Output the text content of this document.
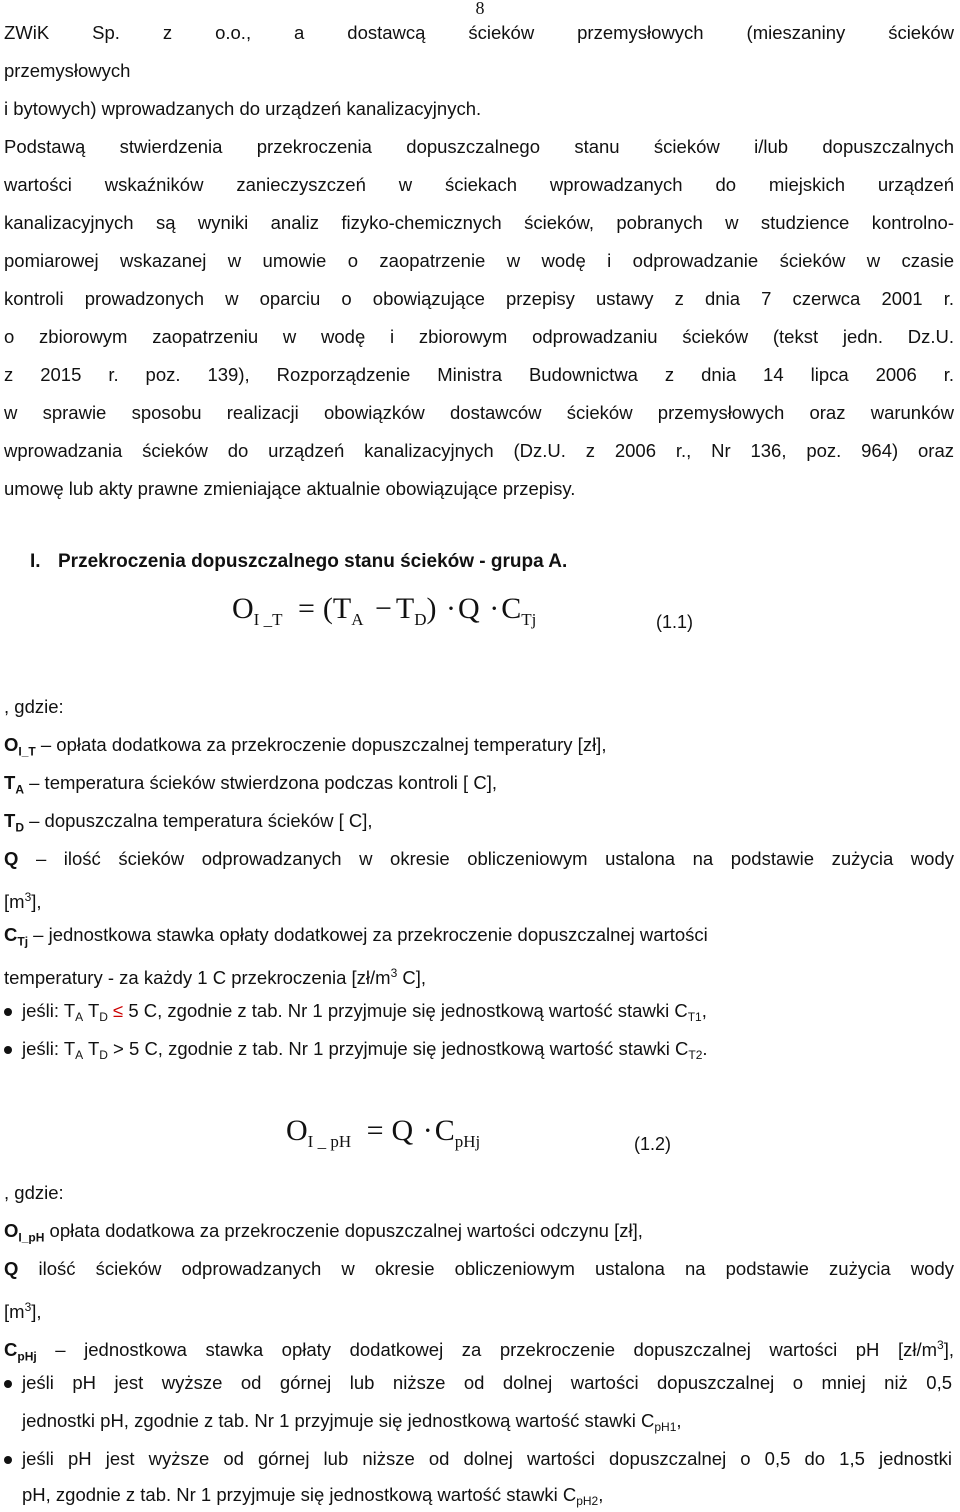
8
ZWiK Sp. z o.o., a dostawcą ścieków przemysłowych (mieszaniny ścieków
przemysłowych
i bytowych) wprowadzanych do urządzeń kanalizacyjnych.
Podstawą stwierdzenia przekroczenia dopuszczalnego stanu ścieków i/lub dopuszczalnych
wartości wskaźników zanieczyszczeń w ściekach wprowadzanych do miejskich urządzeń
kanalizacyjnych są wyniki analiz fizyko-chemicznych ścieków, pobranych w studzience kontrolno-
pomiarowej wskazanej w umowie o zaopatrzenie w wodę i odprowadzanie ścieków w czasie
kontroli prowadzonych w oparciu o obowiązujące przepisy ustawy z dnia 7 czerwca 2001 r.
o zbiorowym zaopatrzeniu w wodę i zbiorowym odprowadzaniu ścieków (tekst jedn. Dz.U.
z 2015 r. poz. 139), Rozporządzenie Ministra Budownictwa z dnia 14 lipca 2006 r.
w sprawie sposobu realizacji obowiązków dostawców ścieków przemysłowych oraz warunków
wprowadzania ścieków do urządzeń kanalizacyjnych (Dz.U. z 2006 r., Nr 136, poz. 964) oraz
umowę lub akty prawne zmieniające aktualnie obowiązujące przepisy.
I. Przekroczenia dopuszczalnego stanu ścieków - grupa A.
$O_{I \_T} = (T_A - T_D) \cdot Q \cdot C_{Tj}$	(1.1)
, gdzie:
$O_{I\_T}$ – opłata dodatkowa za przekroczenie dopuszczalnej temperatury [zł],
$T_A$ – temperatura ścieków stwierdzona podczas kontroli [ C],
$T_D$ – dopuszczalna temperatura ścieków [ C],
Q – ilość ścieków odprowadzanych w okresie obliczeniowym ustalona na podstawie zużycia wody
$[m^3]$,
$C_{Tj}$ – jednostkowa stawka opłaty dodatkowej za przekroczenie dopuszczalnej wartości
temperatury - za każdy 1 C przekroczenia [$zł/m^3$ C],
jeśli: $T_A$ $T_D \le 5$ C, zgodnie z tab. Nr 1 przyjmuje się jednostkową wartość stawki $C_{T1}$,
jeśli: $T_A$ $T_D > 5$ C, zgodnie z tab. Nr 1 przyjmuje się jednostkową wartość stawki $C_{T2}$.
$O_{I \_ pH} = Q \cdot C_{pHj}$	(1.2)
, gdzie:
$O_{I\_pH}$ opłata dodatkowa za przekroczenie dopuszczalnej wartości odczynu [zł],
Q ilość ścieków odprowadzanych w okresie obliczeniowym ustalona na podstawie zużycia wody
$[m^3]$,
$C_{pHj}$ – jednostkowa stawka opłaty dodatkowej za przekroczenie dopuszczalnej wartości pH $[zł/m^3]$,
jeśli pH jest wyższe od górnej lub niższe od dolnej wartości dopuszczalnej o mniej niż 0,5
jednostki pH, zgodnie z tab. Nr 1 przyjmuje się jednostkową wartość stawki $C_{pH1}$,
jeśli pH jest wyższe od górnej lub niższe od dolnej wartości dopuszczalnej o 0,5 do 1,5 jednostki
pH, zgodnie z tab. Nr 1 przyjmuje się jednostkową wartość stawki $C_{pH2}$,
